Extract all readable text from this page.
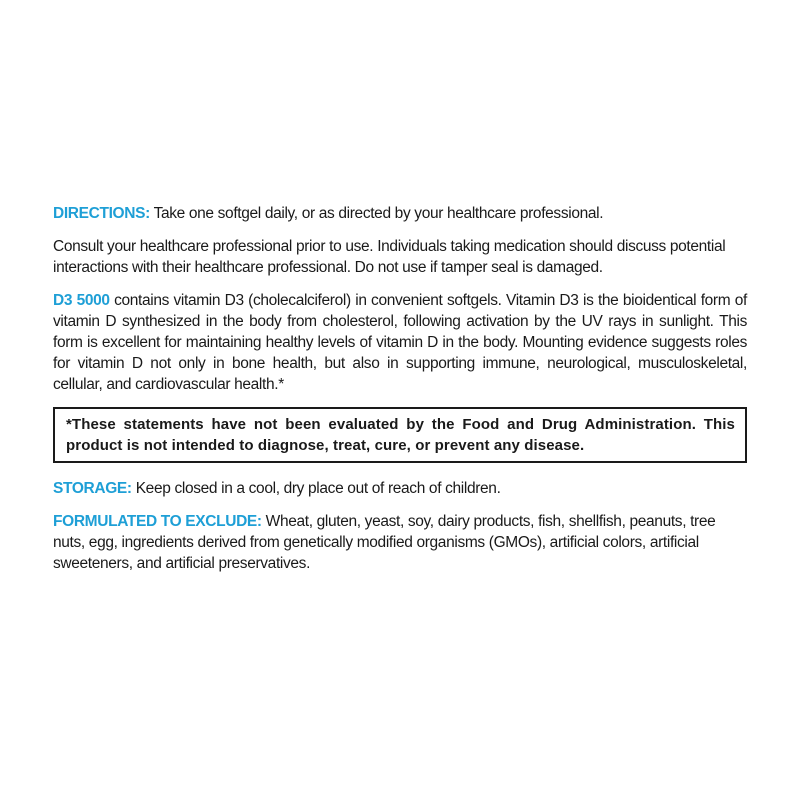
DIRECTIONS: Take one softgel daily, or as directed by your healthcare professional.

Consult your healthcare professional prior to use. Individuals taking medication should discuss potential interactions with their healthcare professional. Do not use if tamper seal is damaged.

D3 5000 contains vitamin D3 (cholecalciferol) in convenient softgels. Vitamin D3 is the bioidentical form of vitamin D synthesized in the body from cholesterol, following activation by the UV rays in sunlight. This form is excellent for maintaining healthy levels of vitamin D in the body. Mounting evidence suggests roles for vitamin D not only in bone health, but also in supporting immune, neurological, musculoskeletal, cellular, and cardiovascular health.*

*These statements have not been evaluated by the Food and Drug Administration. This product is not intended to diagnose, treat, cure, or prevent any disease.

STORAGE: Keep closed in a cool, dry place out of reach of children.

FORMULATED TO EXCLUDE: Wheat, gluten, yeast, soy, dairy products, fish, shellfish, peanuts, tree nuts, egg, ingredients derived from genetically modified organisms (GMOs), artificial colors, artificial sweeteners, and artificial preservatives.
